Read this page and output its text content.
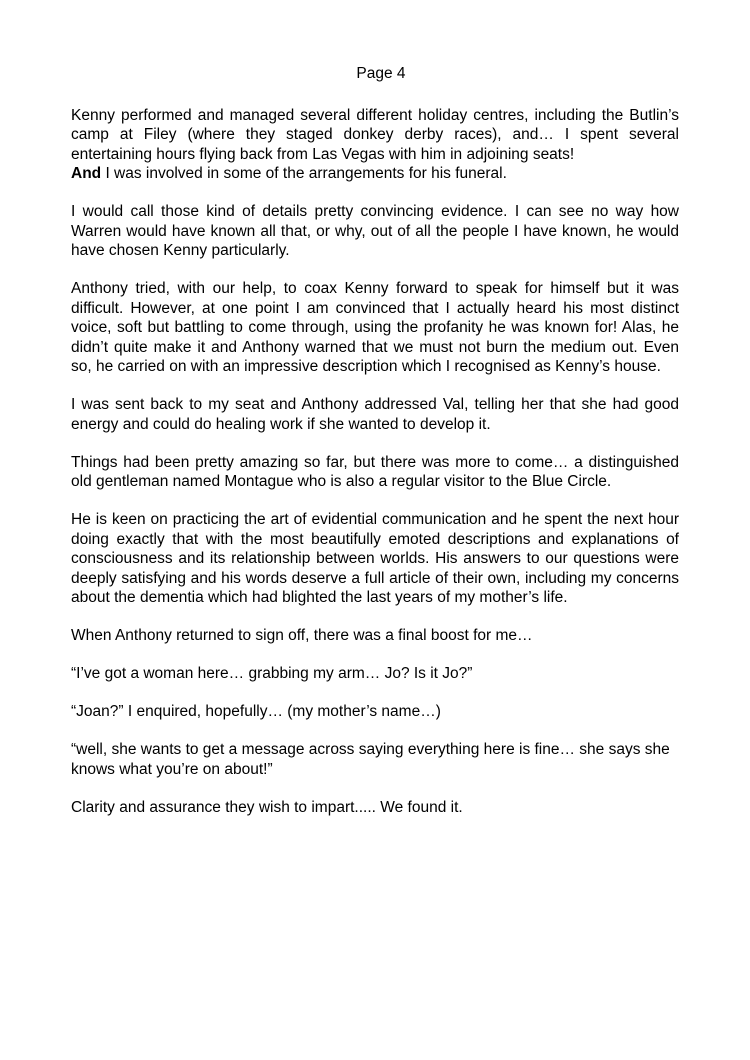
Page 4

Kenny performed and managed several different holiday centres, including the Butlin’s camp at Filey (where they staged donkey derby races), and… I spent several entertaining hours flying back from Las Vegas with him in adjoining seats!

And I was involved in some of the arrangements for his funeral.

I would call those kind of details pretty convincing evidence. I can see no way how Warren would have known all that, or why, out of all the people I have known, he would have chosen Kenny particularly.

Anthony tried, with our help, to coax Kenny forward to speak for himself but it was difficult. However, at one point I am convinced that I actually heard his most distinct voice, soft but battling to come through, using the profanity he was known for! Alas, he didn’t quite make it and Anthony warned that we must not burn the medium out. Even so, he carried on with an impressive description which I recognised as Kenny’s house.

I was sent back to my seat and Anthony addressed Val, telling her that she had good energy and could do healing work if she wanted to develop it.

Things had been pretty amazing so far, but there was more to come… a distinguished old gentleman named Montague who is also a regular visitor to the Blue Circle.

He is keen on practicing the art of evidential communication and he spent the next hour doing exactly that with the most beautifully emoted descriptions and explanations of consciousness and its relationship between worlds. His answers to our questions were deeply satisfying and his words deserve a full article of their own, including my concerns about the dementia which had blighted the last years of my mother’s life.

When Anthony returned to sign off, there was a final boost for me…

“I’ve got a woman here… grabbing my arm… Jo? Is it Jo?”

“Joan?” I enquired, hopefully… (my mother’s name…)

“well, she wants to get a message across saying everything here is fine… she says she knows what you’re on about!”

Clarity and assurance they wish to impart..... We found it.
